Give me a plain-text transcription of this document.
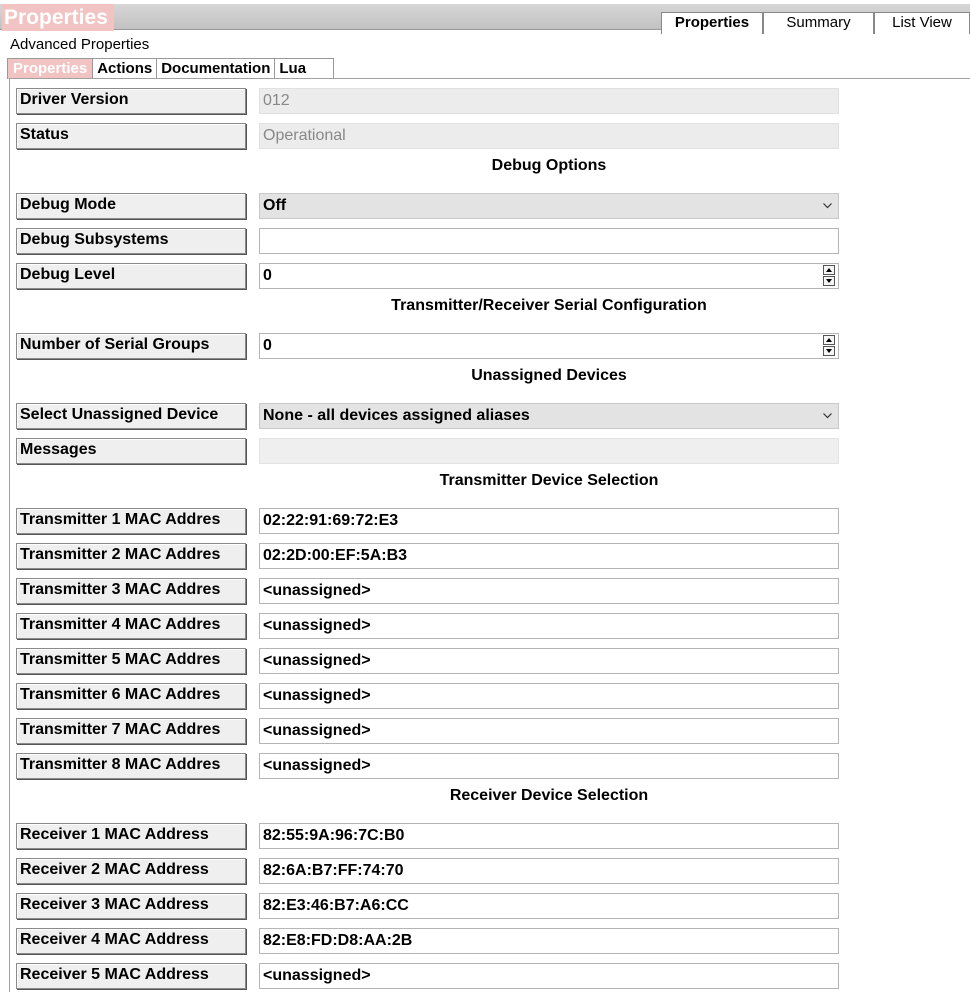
Properties	Properties	Summary	List View
Advanced Properties
Properties Actions Documentation Lua
Driver Version	012
Status	Operational
Debug Options
Debug Mode	Off
Debug Subsystems
Debug Level	0
Transmitter/Receiver Serial Configuration
Number of Serial Groups	0
Unassigned Devices
Select Unassigned Device	None - all devices assigned aliases
Messages
Transmitter Device Selection
Transmitter 1 MAC Addres	02:22:91:69:72:E3
Transmitter 2 MAC Addres	02:2D:00:EF:5A:B3
Transmitter 3 MAC Addres	<unassigned>
Transmitter 4 MAC Addres	<unassigned>
Transmitter 5 MAC Addres	<unassigned>
Transmitter 6 MAC Addres	<unassigned>
Transmitter 7 MAC Addres	<unassigned>
Transmitter 8 MAC Addres	<unassigned>
Receiver Device Selection
Receiver 1 MAC Address	82:55:9A:96:7C:B0
Receiver 2 MAC Address	82:6A:B7:FF:74:70
Receiver 3 MAC Address	82:E3:46:B7:A6:CC
Receiver 4 MAC Address	82:E8:FD:D8:AA:2B
Receiver 5 MAC Address	<unassigned>
